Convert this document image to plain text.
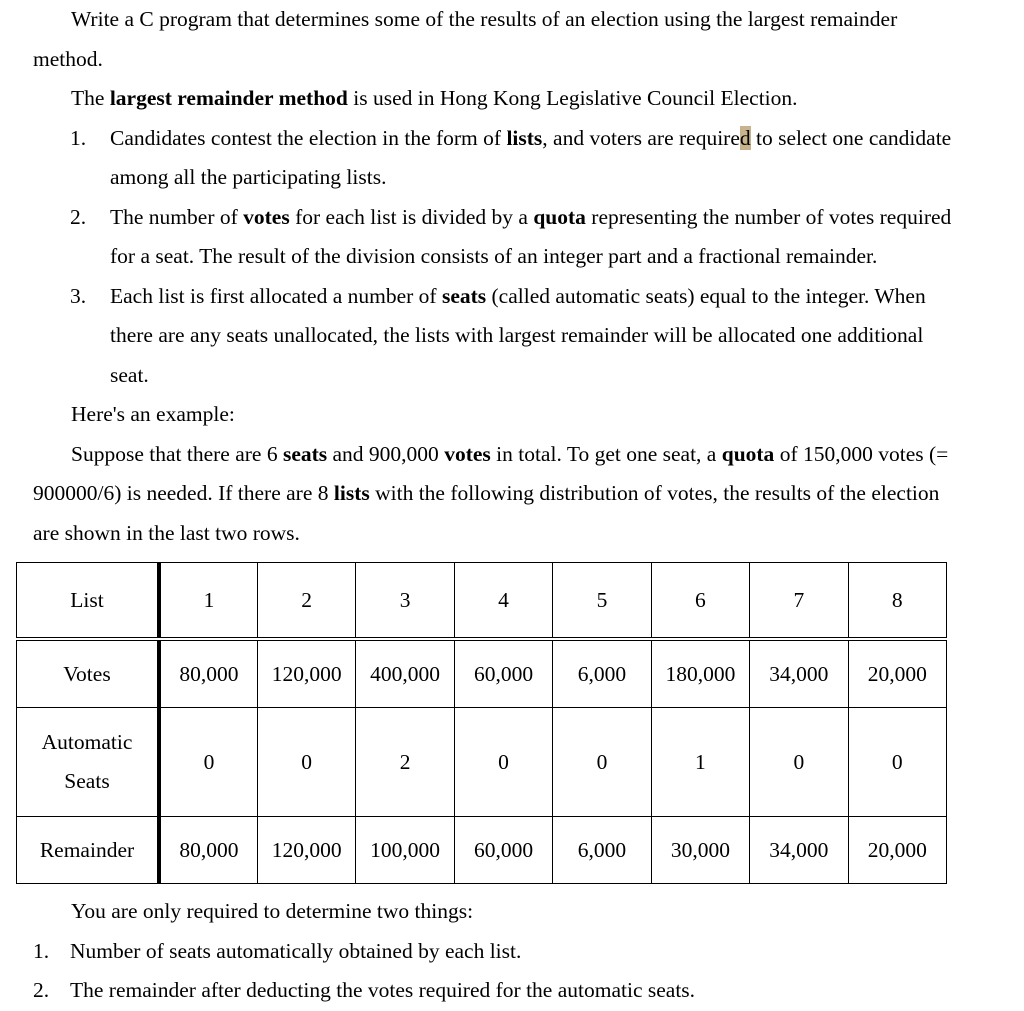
Write a C program that determines some of the results of an election using the largest remainder method.

The largest remainder method is used in Hong Kong Legislative Council Election.

1.	Candidates contest the election in the form of lists, and voters are required to select one candidate among all the participating lists.
2.	The number of votes for each list is divided by a quota representing the number of votes required for a seat. The result of the division consists of an integer part and a fractional remainder.
3.	Each list is first allocated a number of seats (called automatic seats) equal to the integer. When there are any seats unallocated, the lists with largest remainder will be allocated one additional seat.

Here's an example:

Suppose that there are 6 seats and 900,000 votes in total. To get one seat, a quota of 150,000 votes (= 900000/6) is needed. If there are 8 lists with the following distribution of votes, the results of the election are shown in the last two rows.

List	1	2	3	4	5	6	7	8
Votes	80,000	120,000	400,000	60,000	6,000	180,000	34,000	20,000

Automatic
Seats	0	0	2	0	0	1	0	0
Remainder	80,000	120,000	100,000	60,000	6,000	30,000	34,000	20,000

You are only required to determine two things:

1. Number of seats automatically obtained by each list.
2. The remainder after deducting the votes required for the automatic seats.
